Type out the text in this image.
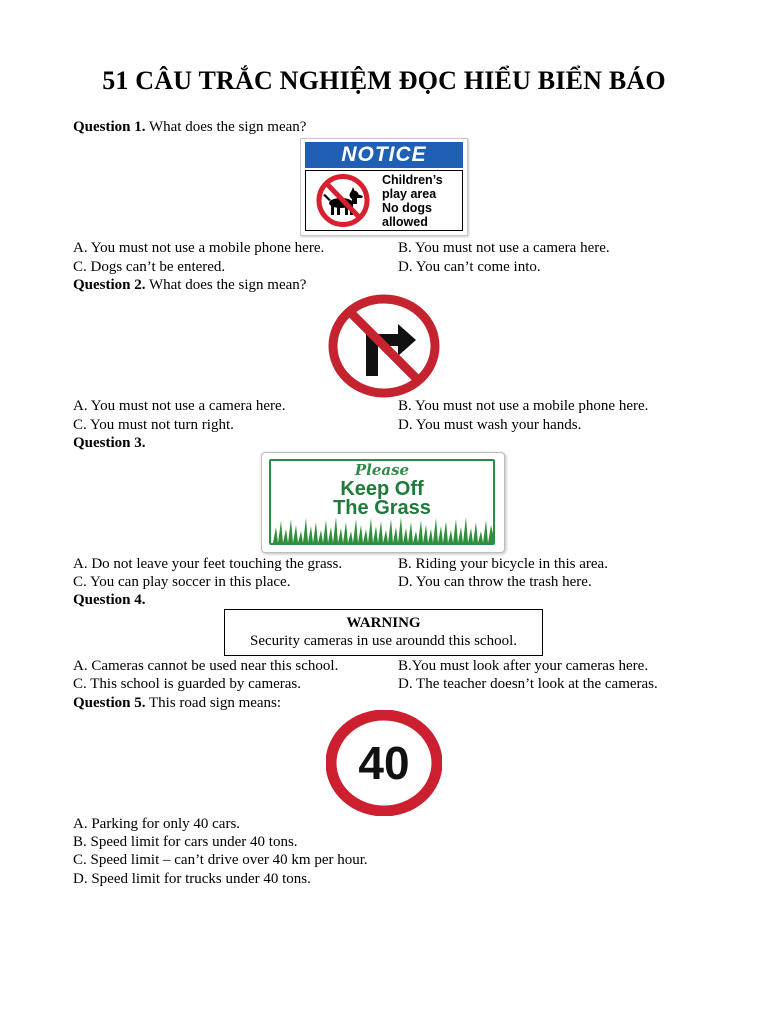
51 CÂU TRẮC NGHIỆM ĐỌC HIỂU BIỂN BÁO
Question 1. What does the sign mean?
NOTICE
Children’s
play area
No dogs
allowed
A. You must not use a mobile phone here.	B. You must not use a camera here.
C. Dogs can’t be entered.	D. You can’t come into.
Question 2. What does the sign mean?
A. You must not use a camera here.	B. You must not use a mobile phone here.
C. You must not turn right.	D. You must wash your hands.
Question 3.
Please
Keep Off
The Grass
A. Do not leave your feet touching the grass.	B. Riding your bicycle in this area.
C. You can play soccer in this place.	D. You can throw the trash here.
Question 4.
WARNING
Security cameras in use aroundd this school.
A. Cameras cannot be used near this school.	B.You must look after your cameras here.
C. This school is guarded by cameras.	D. The teacher doesn’t look at the cameras.
Question 5. This road sign means:
40
A. Parking for only 40 cars.
B. Speed limit for cars under 40 tons.
C. Speed limit – can’t drive over 40 km per hour.
D. Speed limit for trucks under 40 tons.
